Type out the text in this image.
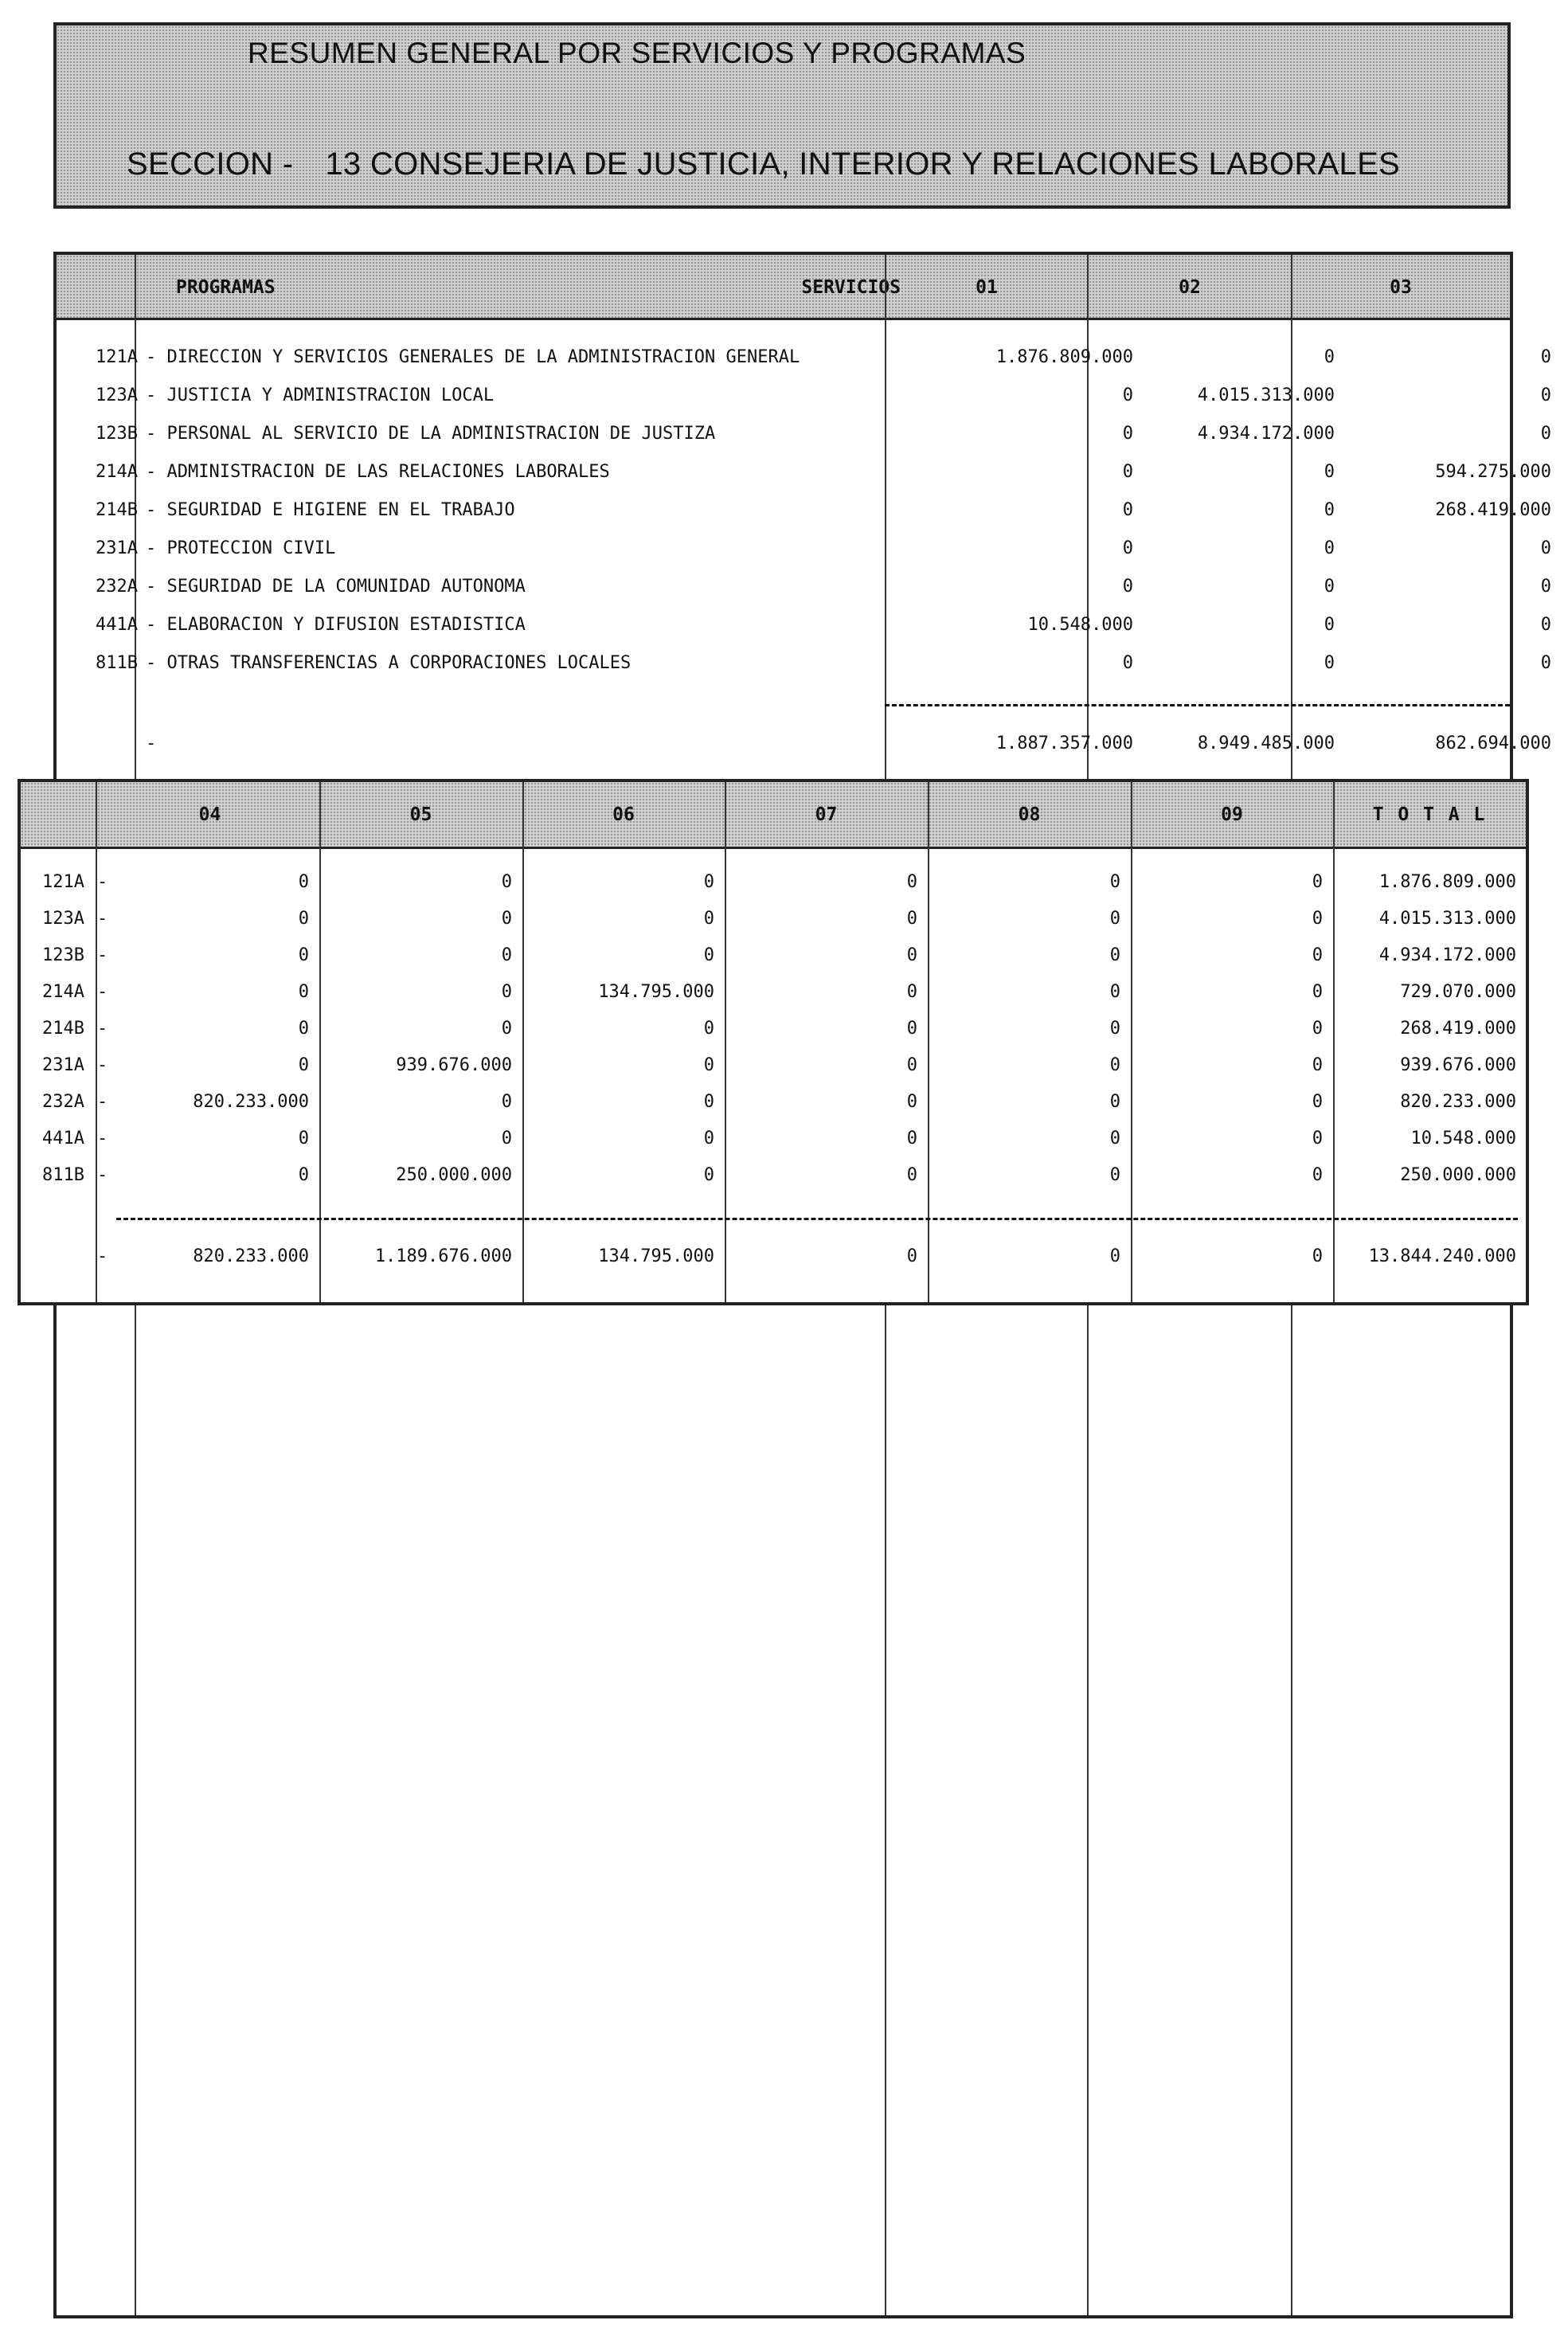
RESUMEN GENERAL POR SERVICIOS Y PROGRAMAS
SECCION - 13 CONSEJERIA DE JUSTICIA, INTERIOR Y RELACIONES LABORALES
PROGRAMAS	SERVICIOS	01	02	03
121A - DIRECCION Y SERVICIOS GENERALES DE LA ADMINISTRACION GENERAL	1.876.809.000	0	0
123A - JUSTICIA Y ADMINISTRACION LOCAL	0	4.015.313.000	0
123B - PERSONAL AL SERVICIO DE LA ADMINISTRACION DE JUSTIZA	0	4.934.172.000	0
214A - ADMINISTRACION DE LAS RELACIONES LABORALES	0	0	594.275.000
214B - SEGURIDAD E HIGIENE EN EL TRABAJO	0	0	268.419.000
231A - PROTECCION CIVIL	0	0	0
232A - SEGURIDAD DE LA COMUNIDAD AUTONOMA	0	0	0
441A - ELABORACION Y DIFUSION ESTADISTICA	10.548.000	0	0
811B - OTRAS TRANSFERENCIAS A CORPORACIONES LOCALES	0	0	0
-	1.887.357.000	8.949.485.000	862.694.000
04	05	06	07	08	09	T O T A L
121A -	0	0	0	0	0	0	1.876.809.000
123A -	0	0	0	0	0	0	4.015.313.000
123B -	0	0	0	0	0	0	4.934.172.000
214A -	0	0	134.795.000	0	0	0	729.070.000
214B -	0	0	0	0	0	0	268.419.000
231A -	0	939.676.000	0	0	0	0	939.676.000
232A -	820.233.000	0	0	0	0	0	820.233.000
441A -	0	0	0	0	0	0	10.548.000
811B -	0	250.000.000	0	0	0	0	250.000.000
-	820.233.000	1.189.676.000	134.795.000	0	0	0	13.844.240.000
